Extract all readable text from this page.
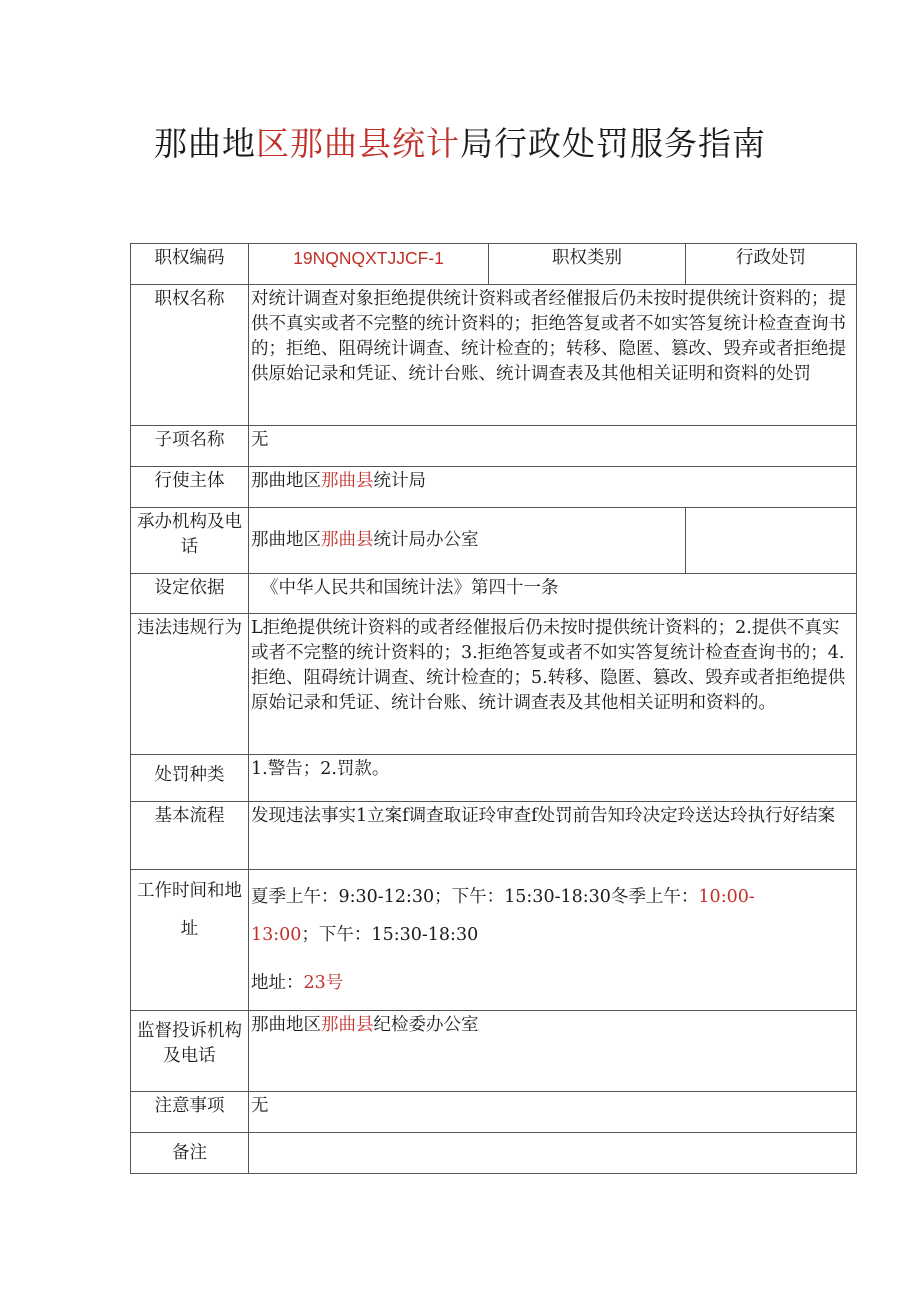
那曲地区那曲县统计局行政处罚服务指南
职权编码	19NQNQXTJJCF-1	职权类别	行政处罚
职权名称	对统计调查对象拒绝提供统计资料或者经催报后仍未按时提供统计资料的；提供不真实或者不完整的统计资料的；拒绝答复或者不如实答复统计检查查询书的；拒绝、阻碍统计调查、统计检查的；转移、隐匿、篡改、毁弃或者拒绝提供原始记录和凭证、统计台账、统计调查表及其他相关证明和资料的处罚		
子项名称	无		
行使主体	那曲地区那曲县统计局		
承办机构及电话	那曲地区那曲县统计局办公室		
设定依据	《中华人民共和国统计法》第四十一条		
违法违规行为	L拒绝提供统计资料的或者经催报后仍未按时提供统计资料的；2.提供不真实或者不完整的统计资料的；3.拒绝答复或者不如实答复统计检查查询书的；4.拒绝、阻碍统计调查、统计检查的；5.转移、隐匿、篡改、毁弃或者拒绝提供原始记录和凭证、统计台账、统计调查表及其他相关证明和资料的。		
处罚种类	1.警告；2.罚款。		
基本流程	发现违法事实1立案f调查取证玲审查f处罚前告知玲决定玲送达玲执行好结案		
工作时间和地址	夏季上午：9:30-12:30；下午：15:30-18:30冬季上午：10:00-

13:00；下午：15:30-18:30

地址：23号		

监督投诉机构及电话	那曲地区那曲县纪检委办公室		
注意事项	无		
备注			
